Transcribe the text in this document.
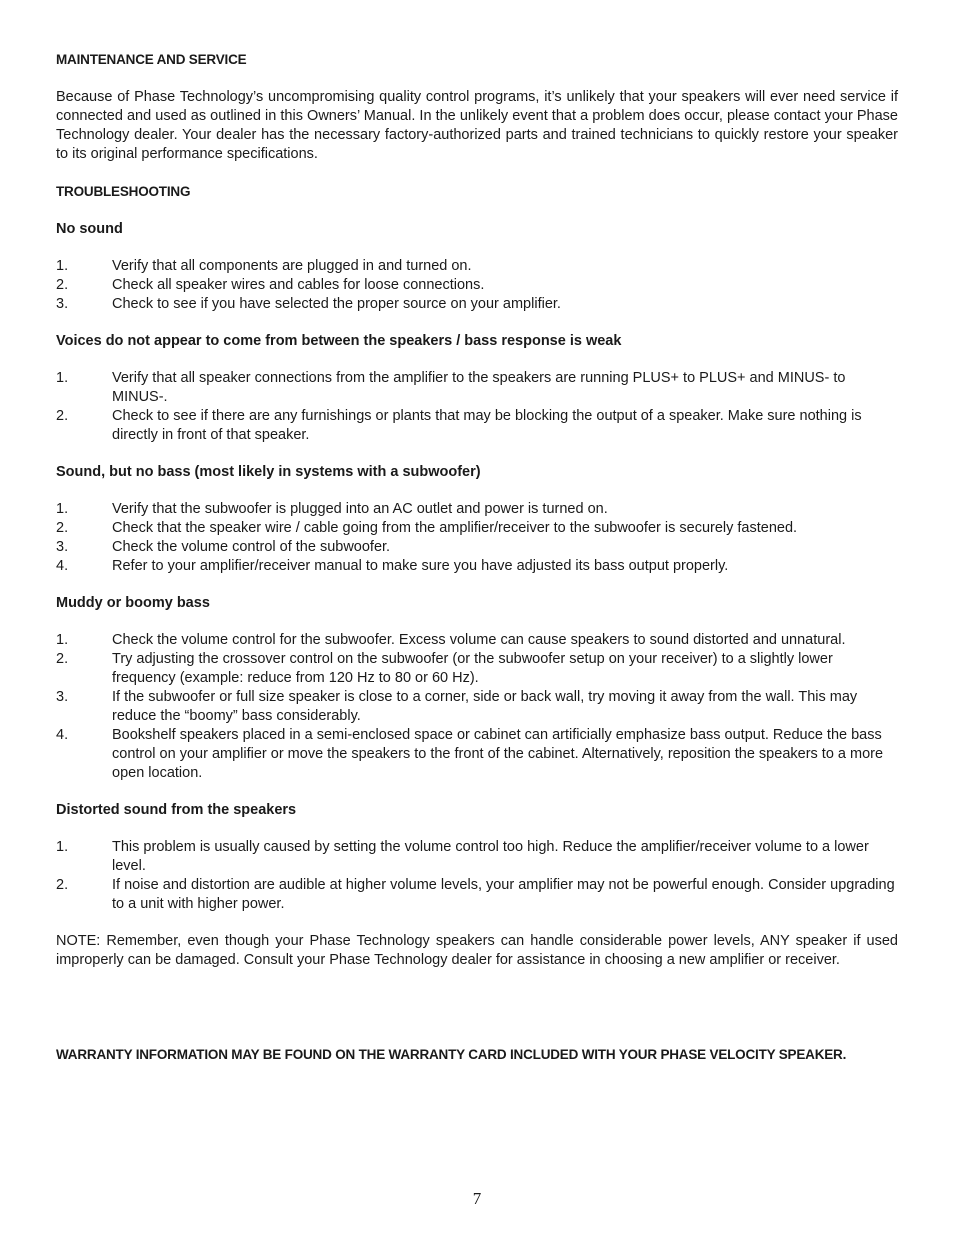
MAINTENANCE AND SERVICE

Because of Phase Technology’s uncompromising quality control programs, it’s unlikely that your speakers will ever need service if connected and used as outlined in this Owners’ Manual. In the unlikely event that a problem does occur, please contact your Phase Technology dealer. Your dealer has the necessary factory-authorized parts and trained technicians to quickly restore your speaker to its original performance specifications.

TROUBLESHOOTING
No sound
1.	Verify that all components are plugged in and turned on.
2.	Check all speaker wires and cables for loose connections.
3.	Check to see if you have selected the proper source on your amplifier.
Voices do not appear to come from between the speakers / bass response is weak
1.	Verify that all speaker connections from the amplifier to the speakers are running PLUS+ to PLUS+ and MINUS- to MINUS-.
2.	Check to see if there are any furnishings or plants that may be blocking the output of a speaker. Make sure nothing is directly in front of that speaker.
Sound, but no bass (most likely in systems with a subwoofer)
1.	Verify that the subwoofer is plugged into an AC outlet and power is turned on.
2.	Check that the speaker wire / cable going from the amplifier/receiver to the subwoofer is securely fastened.
3.	Check the volume control of the subwoofer.
4.	Refer to your amplifier/receiver manual to make sure you have adjusted its bass output properly.
Muddy or boomy bass
1.	Check the volume control for the subwoofer. Excess volume can cause speakers to sound distorted and unnatural.
2.	Try adjusting the crossover control on the subwoofer (or the subwoofer setup on your receiver) to a slightly lower frequency (example: reduce from 120 Hz to 80 or 60 Hz).
3.	If the subwoofer or full size speaker is close to a corner, side or back wall, try moving it away from the wall. This may reduce the “boomy” bass considerably.
4.	Bookshelf speakers placed in a semi-enclosed space or cabinet can artificially emphasize bass output. Reduce the bass control on your amplifier or move the speakers to the front of the cabinet. Alternatively, reposition the speakers to a more open location.
Distorted sound from the speakers
1.	This problem is usually caused by setting the volume control too high. Reduce the amplifier/receiver volume to a lower level.
2.	If noise and distortion are audible at higher volume levels, your amplifier may not be powerful enough. Consider upgrading to a unit with higher power.

NOTE: Remember, even though your Phase Technology speakers can handle considerable power levels, ANY speaker if used improperly can be damaged. Consult your Phase Technology dealer for assistance in choosing a new amplifier or receiver.

WARRANTY INFORMATION MAY BE FOUND ON THE WARRANTY CARD INCLUDED WITH YOUR PHASE VELOCITY SPEAKER.
7
